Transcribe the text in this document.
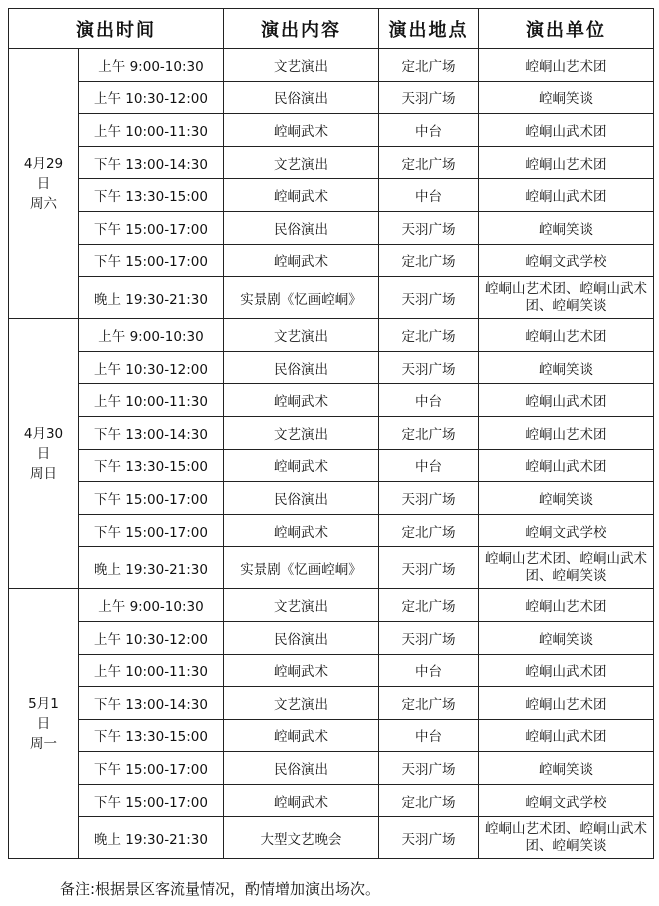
演出时间		演出内容	演出地点	演出单位

4月29
日
周六	上午 9:00-10:30	文艺演出	定北广场	崆峒山艺术团
	上午 10:30-12:00	民俗演出	天羽广场	崆峒笑谈
	上午 10:00-11:30	崆峒武术	中台	崆峒山武术团
	下午 13:00-14:30	文艺演出	定北广场	崆峒山艺术团
	下午 13:30-15:00	崆峒武术	中台	崆峒山武术团
	下午 15:00-17:00	民俗演出	天羽广场	崆峒笑谈
	下午 15:00-17:00	崆峒武术	定北广场	崆峒文武学校
	晚上 19:30-21:30	实景剧《忆画崆峒》	天羽广场	崆峒山艺术团、崆峒山武术团、崆峒笑谈

4月30
日
周日	上午 9:00-10:30	文艺演出	定北广场	崆峒山艺术团
	上午 10:30-12:00	民俗演出	天羽广场	崆峒笑谈
	上午 10:00-11:30	崆峒武术	中台	崆峒山武术团
	下午 13:00-14:30	文艺演出	定北广场	崆峒山艺术团
	下午 13:30-15:00	崆峒武术	中台	崆峒山武术团
	下午 15:00-17:00	民俗演出	天羽广场	崆峒笑谈
	下午 15:00-17:00	崆峒武术	定北广场	崆峒文武学校
	晚上 19:30-21:30	实景剧《忆画崆峒》	天羽广场	崆峒山艺术团、崆峒山武术团、崆峒笑谈

5月1
日
周一	上午 9:00-10:30	文艺演出	定北广场	崆峒山艺术团
	上午 10:30-12:00	民俗演出	天羽广场	崆峒笑谈
	上午 10:00-11:30	崆峒武术	中台	崆峒山武术团
	下午 13:00-14:30	文艺演出	定北广场	崆峒山艺术团
	下午 13:30-15:00	崆峒武术	中台	崆峒山武术团
	下午 15:00-17:00	民俗演出	天羽广场	崆峒笑谈
	下午 15:00-17:00	崆峒武术	定北广场	崆峒文武学校
	晚上 19:30-21:30	大型文艺晚会	天羽广场	崆峒山艺术团、崆峒山武术团、崆峒笑谈
备注:根据景区客流量情况，酌情增加演出场次。
